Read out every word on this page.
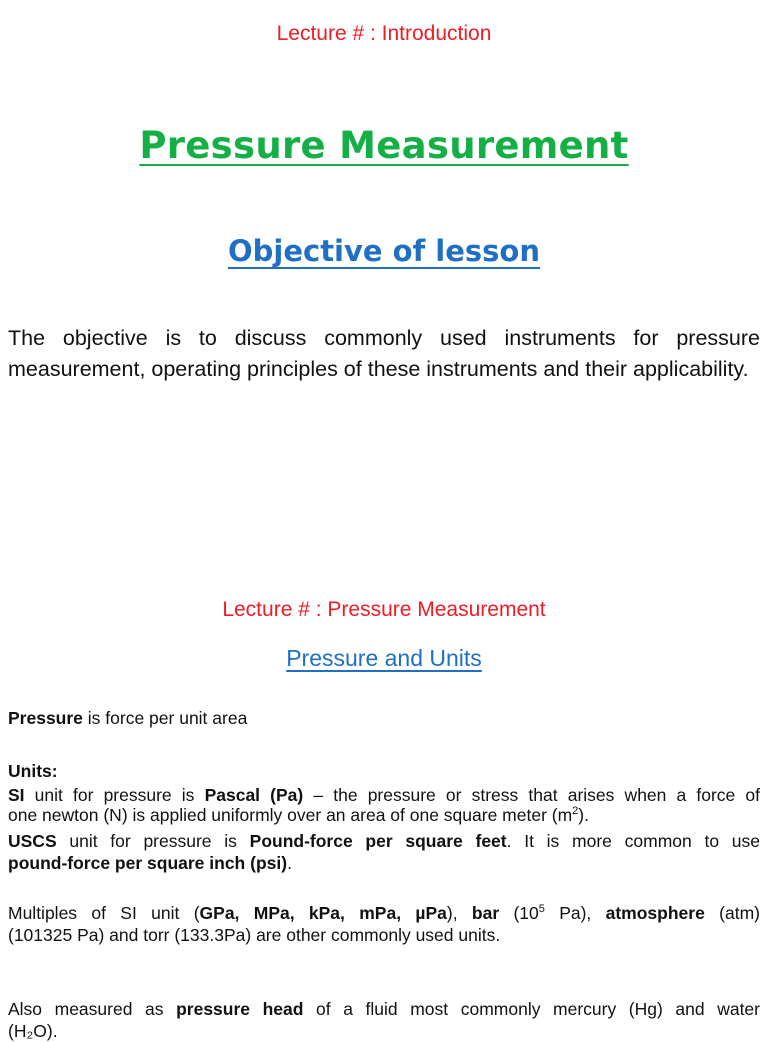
Lecture # : Introduction
Pressure Measurement
Objective of lesson
The objective is to discuss commonly used instruments for pressure measurement, operating principles of these instruments and their applicability.
Lecture # : Pressure Measurement
Pressure and Units
Pressure is force per unit area
Units:
SI unit for pressure is Pascal (Pa) – the pressure or stress that arises when a force of
one newton (N) is applied uniformly over an area of one square meter $(m^2)$.
USCS unit for pressure is Pound-force per square feet. It is more common to use
pound-force per square inch (psi).
Multiples of SI unit (GPa, MPa, kPa, mPa, µPa), bar ($10^5$ Pa), atmosphere (atm)
(101325 Pa) and torr (133.3Pa) are other commonly used units.
Also measured as pressure head of a fluid most commonly mercury (Hg) and water
(H₂O).
